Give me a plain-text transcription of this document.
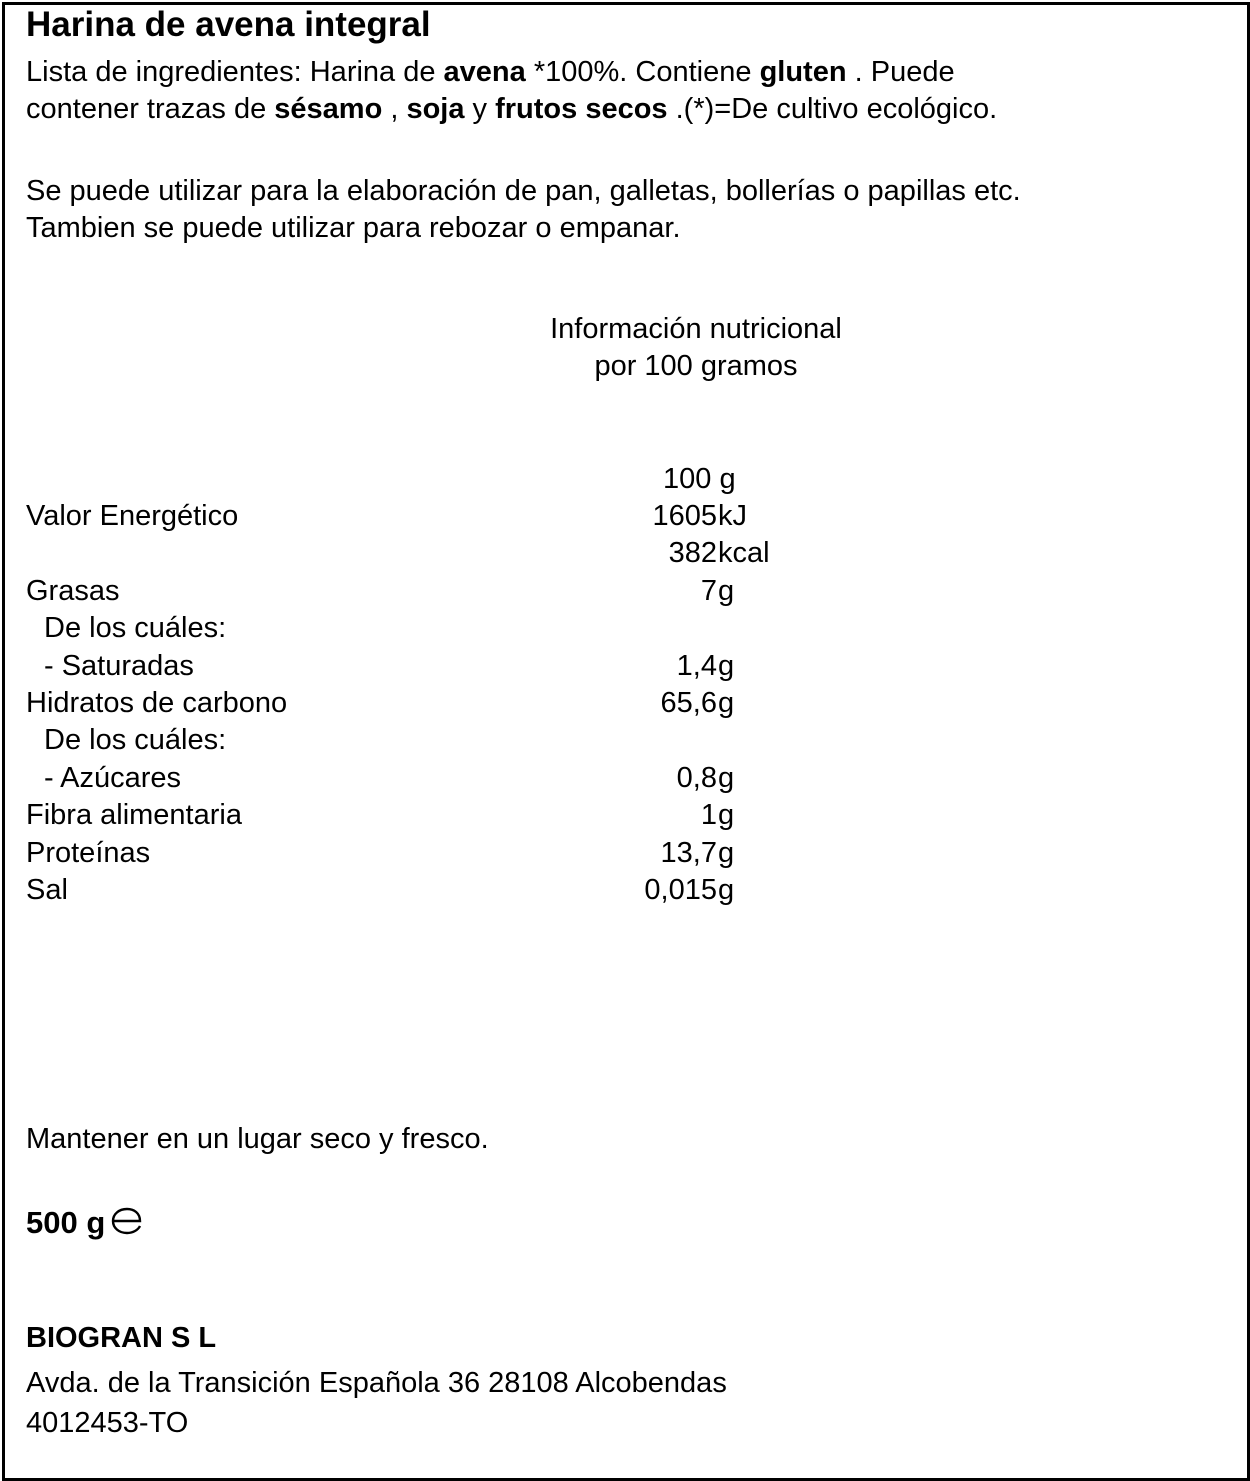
Harina de avena integral
Lista de ingredientes: Harina de avena *100%. Contiene gluten . Puede
contener trazas de sésamo , soja y frutos secos .(*)=De cultivo ecológico.
Se puede utilizar para la elaboración de pan, galletas, bollerías o papillas etc.
Tambien se puede utilizar para rebozar o empanar.
Información nutricional
por 100 gramos
100 g
Valor Energético	1605 kJ
382 kcal
Grasas	7 g
De los cuáles:
- Saturadas	1,4 g
Hidratos de carbono	65,6 g
De los cuáles:
- Azúcares	0,8 g
Fibra alimentaria	1 g
Proteínas	13,7 g
Sal	0,015 g
Mantener en un lugar seco y fresco.
500 g
BIOGRAN S L
Avda. de la Transición Española 36 28108 Alcobendas
4012453-TO
